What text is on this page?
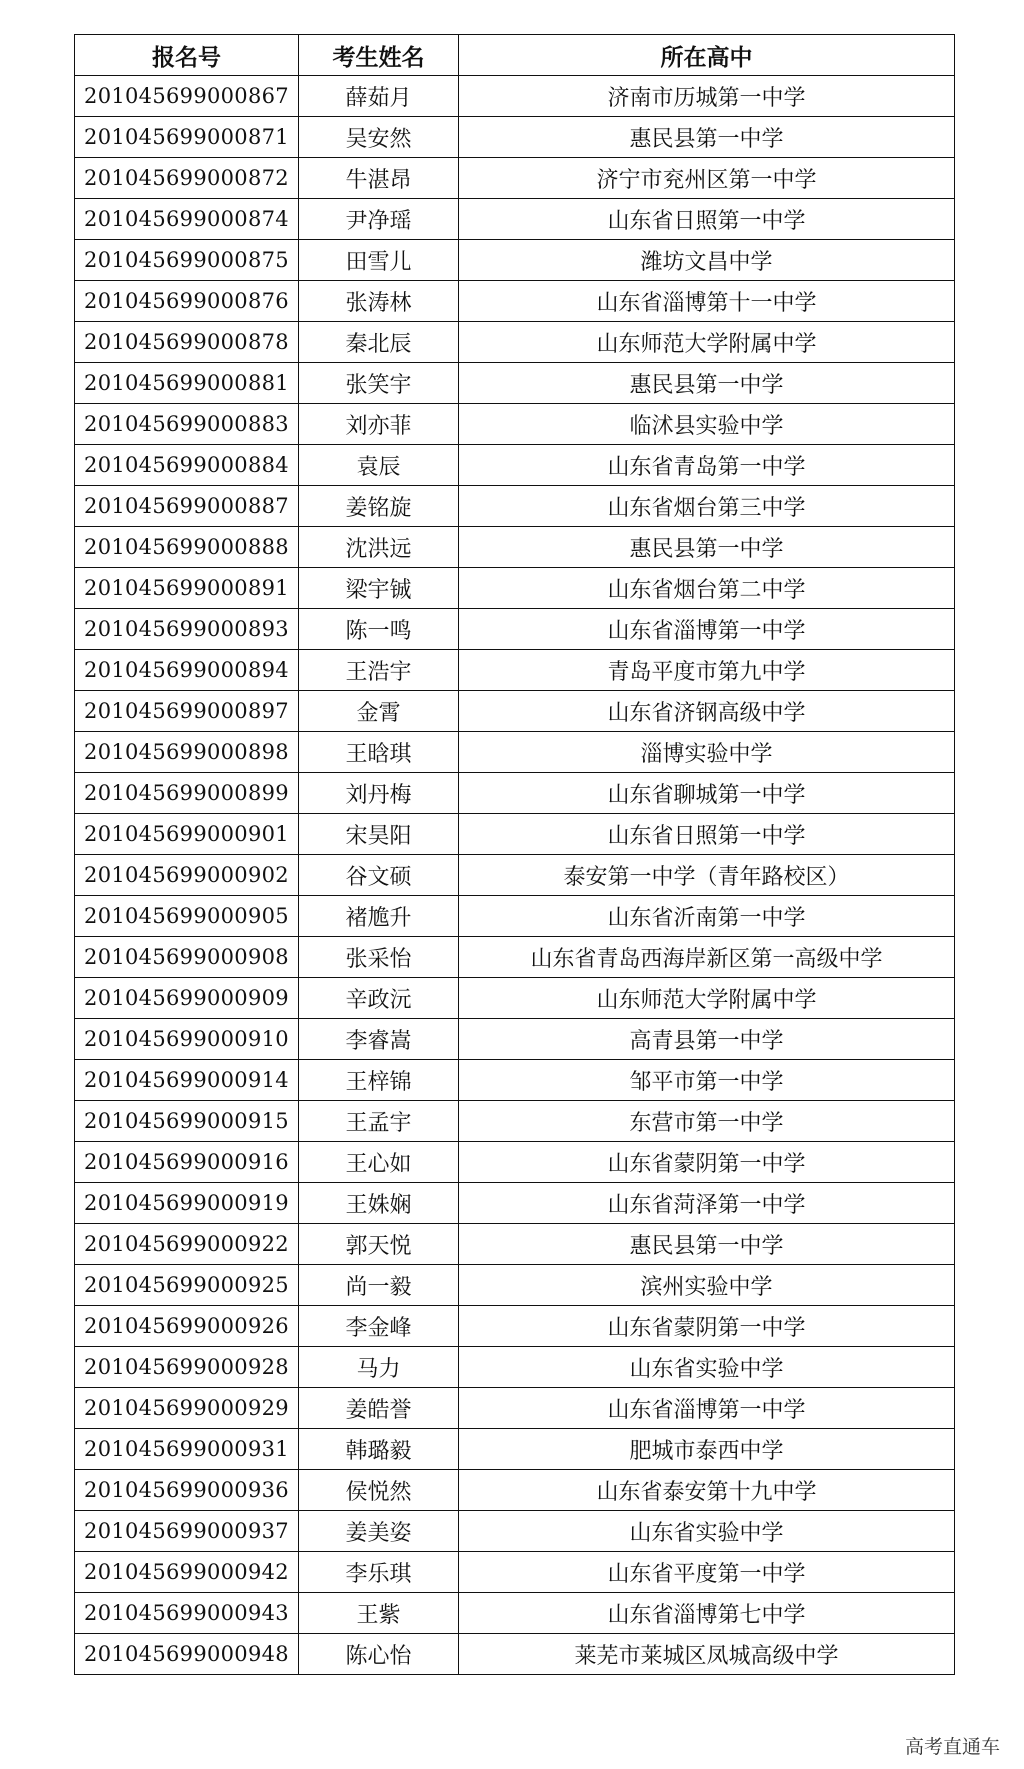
报名号	考生姓名	所在高中
201045699000867	薛茹月	济南市历城第一中学
201045699000871	吴安然	惠民县第一中学
201045699000872	牛湛昂	济宁市兖州区第一中学
201045699000874	尹净瑶	山东省日照第一中学
201045699000875	田雪儿	潍坊文昌中学
201045699000876	张涛林	山东省淄博第十一中学
201045699000878	秦北辰	山东师范大学附属中学
201045699000881	张笑宇	惠民县第一中学
201045699000883	刘亦菲	临沭县实验中学
201045699000884	袁辰	山东省青岛第一中学
201045699000887	姜铭旋	山东省烟台第三中学
201045699000888	沈洪远	惠民县第一中学
201045699000891	梁宇铖	山东省烟台第二中学
201045699000893	陈一鸣	山东省淄博第一中学
201045699000894	王浩宇	青岛平度市第九中学
201045699000897	金霄	山东省济钢高级中学
201045699000898	王晗琪	淄博实验中学
201045699000899	刘丹梅	山东省聊城第一中学
201045699000901	宋昊阳	山东省日照第一中学
201045699000902	谷文硕	泰安第一中学（青年路校区）
201045699000905	褚尯升	山东省沂南第一中学
201045699000908	张采怡	山东省青岛西海岸新区第一高级中学
201045699000909	辛政沅	山东师范大学附属中学
201045699000910	李睿嵩	高青县第一中学
201045699000914	王梓锦	邹平市第一中学
201045699000915	王孟宇	东营市第一中学
201045699000916	王心如	山东省蒙阴第一中学
201045699000919	王姝娴	山东省菏泽第一中学
201045699000922	郭天悦	惠民县第一中学
201045699000925	尚一毅	滨州实验中学
201045699000926	李金峰	山东省蒙阴第一中学
201045699000928	马力	山东省实验中学
201045699000929	姜皓誉	山东省淄博第一中学
201045699000931	韩璐毅	肥城市泰西中学
201045699000936	侯悦然	山东省泰安第十九中学
201045699000937	姜美姿	山东省实验中学
201045699000942	李乐琪	山东省平度第一中学
201045699000943	王紫	山东省淄博第七中学
201045699000948	陈心怡	莱芜市莱城区凤城高级中学
高考直通车
